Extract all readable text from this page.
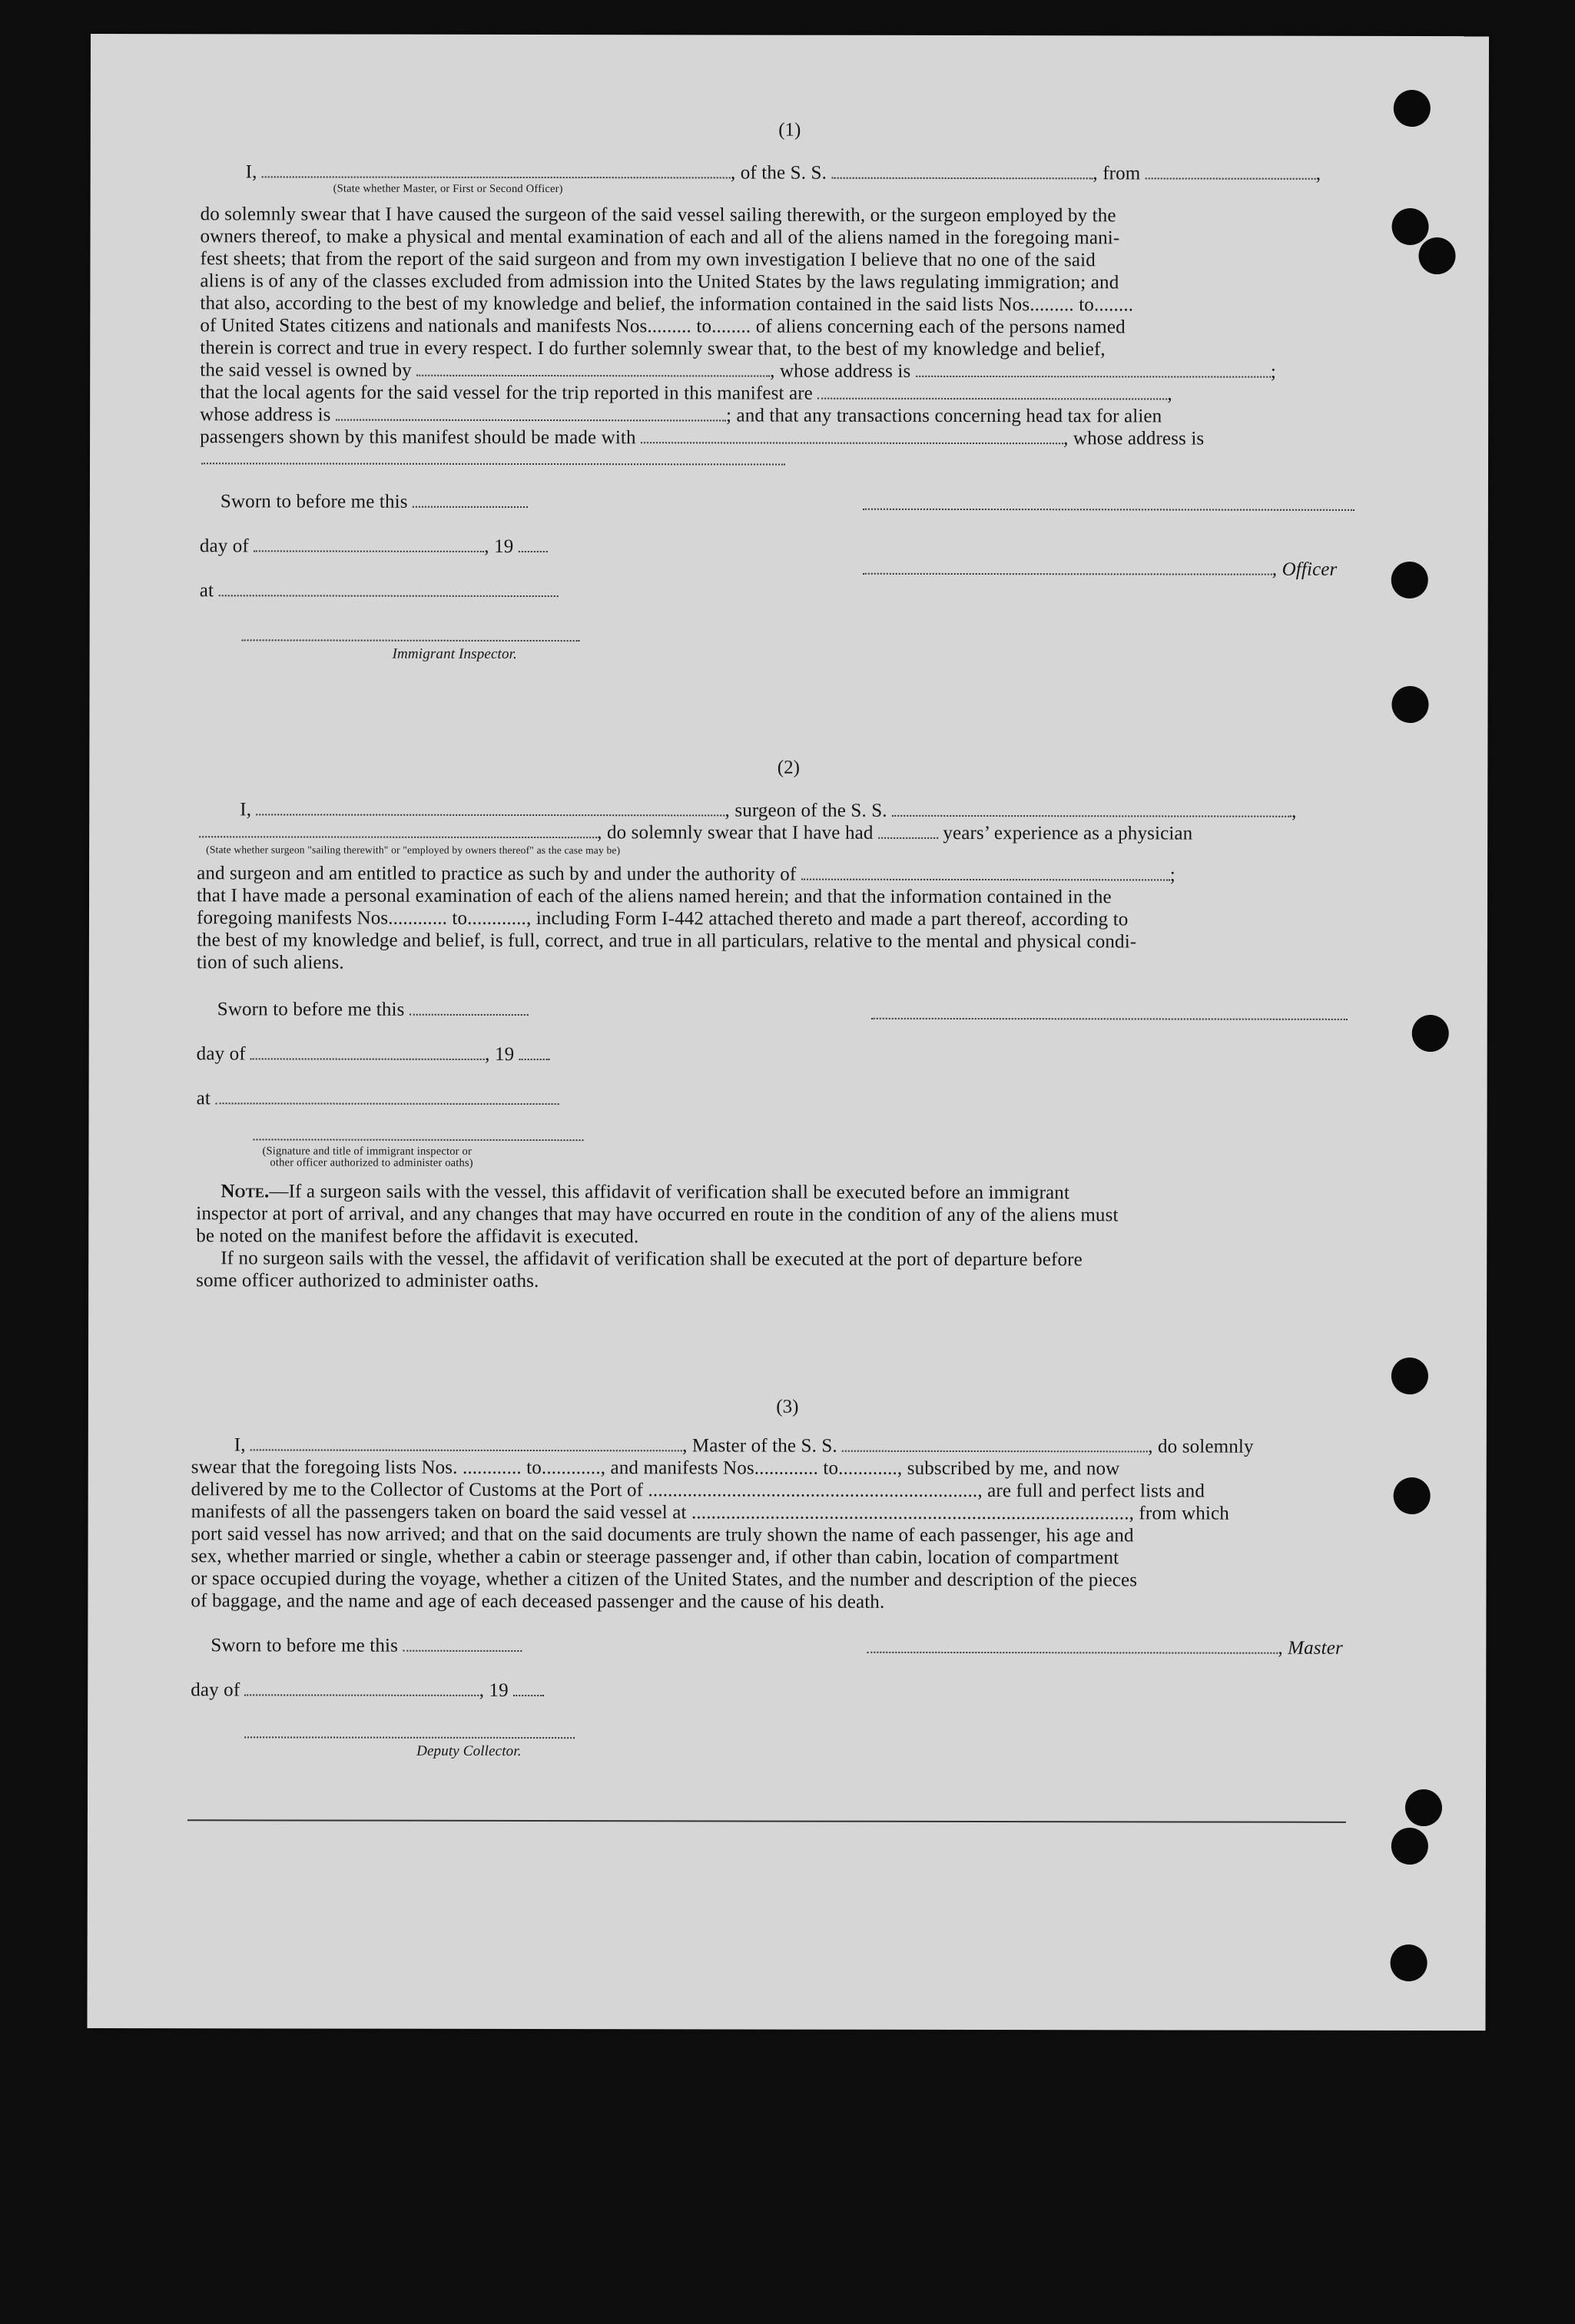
(1)
I,	, of the S. S.	, from	,
(State whether Master, or First or Second Officer)
do solemnly swear that I have caused the surgeon of the said vessel sailing therewith, or the surgeon employed by the
owners thereof, to make a physical and mental examination of each and all of the aliens named in the foregoing mani-
fest sheets; that from the report of the said surgeon and from my own investigation I believe that no one of the said
aliens is of any of the classes excluded from admission into the United States by the laws regulating immigration; and
that also, according to the best of my knowledge and belief, the information contained in the said lists Nos......... to........
of United States citizens and nationals and manifests Nos......... to........ of aliens concerning each of the persons named
therein is correct and true in every respect. I do further solemnly swear that, to the best of my knowledge and belief,
the said vessel is owned by	, whose address is	;
that the local agents for the said vessel for the trip reported in this manifest are	,
whose address is	; and that any transactions concerning head tax for alien
passengers shown by this manifest should be made with	, whose address is
Sworn to before me this
day of	, 19
, Officer
at
Immigrant Inspector.
(2)
I,	, surgeon of the S. S.	,
, do solemnly swear that I have had	years’ experience as a physician
(State whether surgeon "sailing therewith" or "employed by owners thereof" as the case may be)
and surgeon and am entitled to practice as such by and under the authority of	;
that I have made a personal examination of each of the aliens named herein; and that the information contained in the
foregoing manifests Nos............ to............, including Form I-442 attached thereto and made a part thereof, according to
the best of my knowledge and belief, is full, correct, and true in all particulars, relative to the mental and physical condi-
tion of such aliens.
Sworn to before me this
day of	, 19
at
(Signature and title of immigrant inspector or
other officer authorized to administer oaths)
Note.—If a surgeon sails with the vessel, this affidavit of verification shall be executed before an immigrant
inspector at port of arrival, and any changes that may have occurred en route in the condition of any of the aliens must
be noted on the manifest before the affidavit is executed.
If no surgeon sails with the vessel, the affidavit of verification shall be executed at the port of departure before
some officer authorized to administer oaths.
(3)
I,	, Master of the S. S.	, do solemnly
swear that the foregoing lists Nos. ............ to............, and manifests Nos............. to............, subscribed by me, and now
delivered by me to the Collector of Customs at the Port of ..................................................................., are full and perfect lists and
manifests of all the passengers taken on board the said vessel at ........................................................................................., from which
port said vessel has now arrived; and that on the said documents are truly shown the name of each passenger, his age and
sex, whether married or single, whether a cabin or steerage passenger and, if other than cabin, location of compartment
or space occupied during the voyage, whether a citizen of the United States, and the number and description of the pieces
of baggage, and the name and age of each deceased passenger and the cause of his death.
Sworn to before me this	, Master
day of	, 19
Deputy Collector.
